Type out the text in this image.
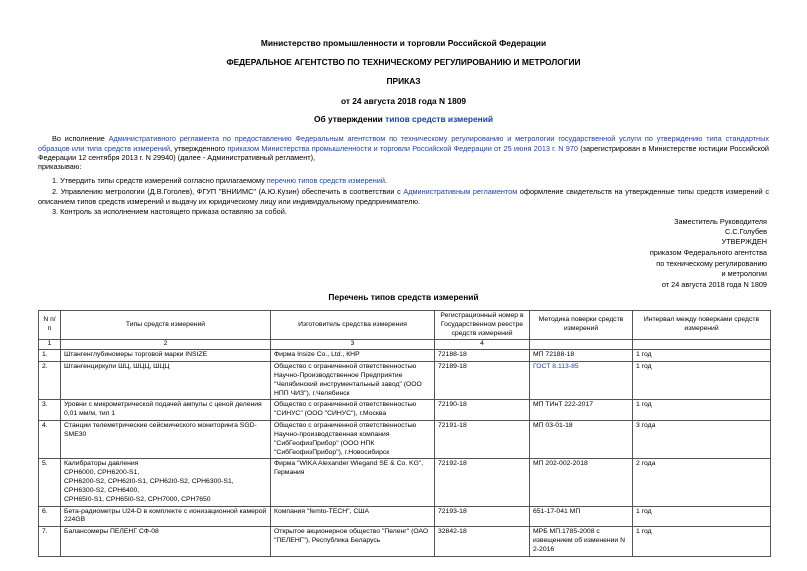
Министерство промышленности и торговли Российской Федерации
ФЕДЕРАЛЬНОЕ АГЕНТСТВО ПО ТЕХНИЧЕСКОМУ РЕГУЛИРОВАНИЮ И МЕТРОЛОГИИ
ПРИКАЗ
от 24 августа 2018 года N 1809
Об утверждении типов средств измерений
Во исполнение Административного регламента по предоставлению Федеральным агентством по техническому регулированию и метрологии государственной услуги по утверждению типа стандартных образцов или типа средств измерений, утвержденного приказом Министерства промышленности и торговли Российской Федерации от 25 июня 2013 г. N 970 (зарегистрирован в Министерстве юстиции Российской Федерации 12 сентября 2013 г. N 29940) (далее - Административный регламент),
приказываю:
1. Утвердить типы средств измерений согласно прилагаемому перечню типов средств измерений.
2. Управлению метрологии (Д.В.Гоголев), ФГУП "ВНИИМС" (А.Ю.Кузин) обеспечить в соответствии с Административным регламентом оформление свидетельств на утвержденные типы средств измерений с описанием типов средств измерений и выдачу их юридическому лицу или индивидуальному предпринимателю.
3. Контроль за исполнением настоящего приказа оставляю за собой.
Заместитель Руководителя
С.С.Голубев
УТВЕРЖДЕН
приказом Федерального агентства
по техническому регулированию
и метрологии
от 24 августа 2018 года N 1809
Перечень типов средств измерений
N п/п	Типы средств измерений	Изготовитель средства измерения	Регистрационный номер в Государственном реестре средств измерений	Методика поверки средств измерений	Интервал между поверками средств измерений
1	2	3	4		
1.	Штангенглубиномеры торговой марки INSIZE	Фирма Insize Co., Ltd., КНР	72188-18	МП 72188-18	1 год
2.	Штангенциркули ШЦ, ШЦЦ, ШЦЦ	Общество с ограниченной ответственностью Научно-Производственное Предприятие "Челябинский инструментальный завод" (ООО НПП ЧИЗ"), г.Челябинск	72189-18	ГОСТ 8.113-85	1 год
3.	Уровни с микрометрической подачей ампулы с ценой деления 0,01 мм/м, тип 1	Общество с ограниченной ответственностью "СИНУС" (ООО "СИНУС"), г.Москва	72190-18	МП ТИнТ 222-2017	1 год
4.	Станции телеметрические сейсмического мониторинга SGD-SME30	Общество с ограниченной ответственностью Научно-производственная компания "СибГеофизПрибор" (ООО НПК "СибГеофизПрибор"), г.Новосибирск	72191-18	МП 03-01-18	3 года
5.	Калибраторы давления
CPH6000, CPH6200-S1,
CPH6200-S2, CPH62I0-S1, CPH62I0-S2, CPH6300-S1, CPH6300-S2, CPH6400,
CPH65I0-S1, CPH65I0-S2, CPH7000, CPH7650	Фирма "WIKA Alexander Wiegand SE & Co. KG", Германия	72192-18	МП 202-002-2018	2 года
6.	Бета-радиометры U24-D в комплекте с ионизационной камерой 224GB	Компания "femto-TECH", США	72193-18	651-17-041 МП	1 год
7.	Балансомеры ПЕЛЕНГ СФ-08	Открытое акционерное общество "Пеленг" (ОАО "ПЕЛЕНГ"), Республика Беларусь	32842-18	МРБ МП.1785-2008 с извещением об изменении N 2-2016	1 год
